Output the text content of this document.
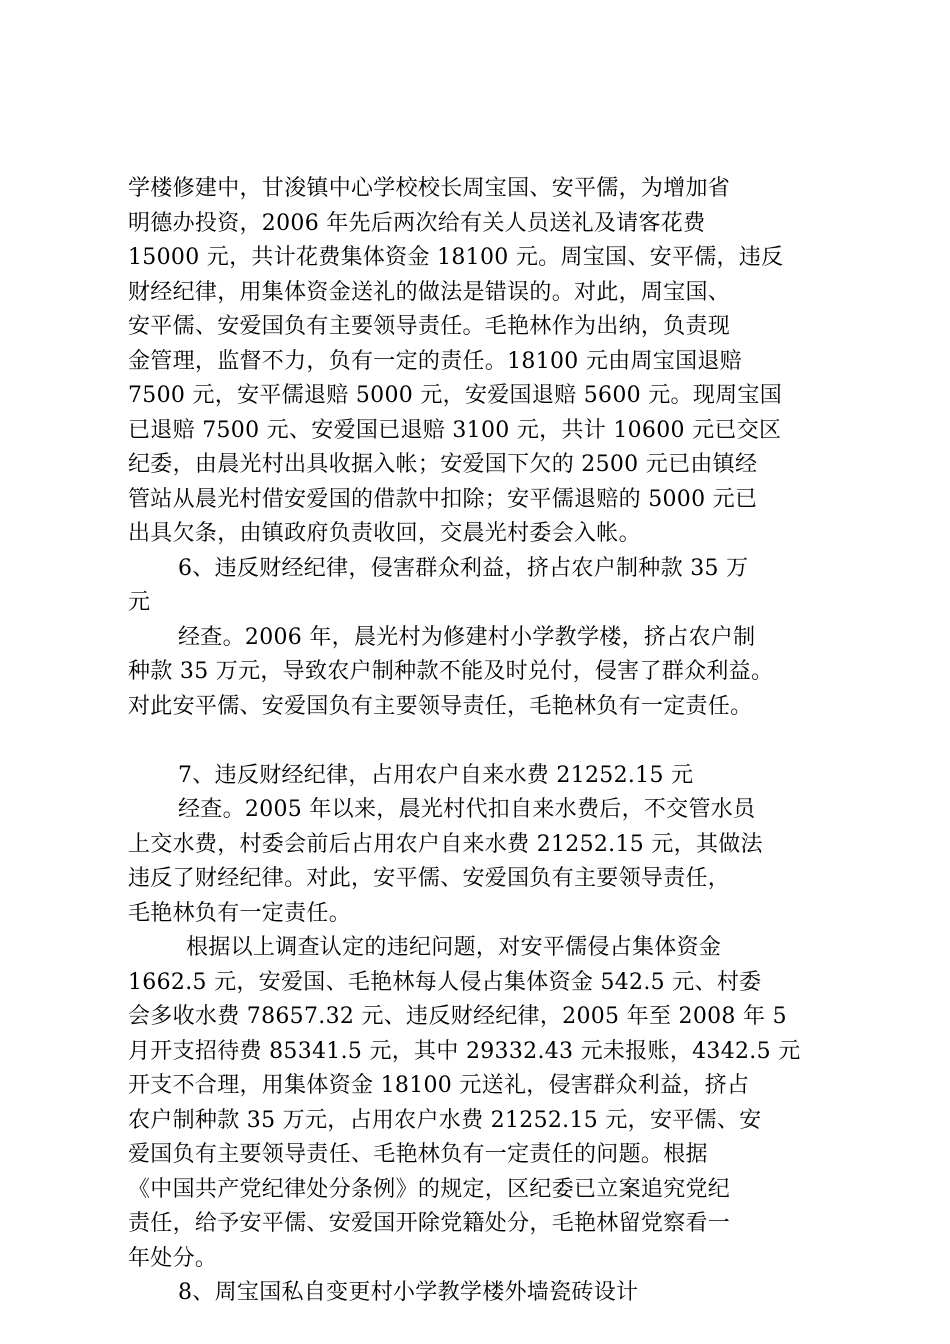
学楼修建中，甘浚镇中心学校校长周宝国、安平儒，为增加省
明德办投资，2006 年先后两次给有关人员送礼及请客花费
15000 元，共计花费集体资金 18100 元。周宝国、安平儒，违反
财经纪律，用集体资金送礼的做法是错误的。对此，周宝国、
安平儒、安爱国负有主要领导责任。毛艳林作为出纳，负责现
金管理，监督不力，负有一定的责任。18100 元由周宝国退赔
7500 元，安平儒退赔 5000 元，安爱国退赔 5600 元。现周宝国
已退赔 7500 元、安爱国已退赔 3100 元，共计 10600 元已交区
纪委，由晨光村出具收据入帐；安爱国下欠的 2500 元已由镇经
管站从晨光村借安爱国的借款中扣除；安平儒退赔的 5000 元已
出具欠条，由镇政府负责收回，交晨光村委会入帐。
6、违反财经纪律，侵害群众利益，挤占农户制种款 35 万
元
经查。2006 年，晨光村为修建村小学教学楼，挤占农户制
种款 35 万元，导致农户制种款不能及时兑付，侵害了群众利益。
对此安平儒、安爱国负有主要领导责任，毛艳林负有一定责任。
7、违反财经纪律，占用农户自来水费 21252.15 元
经查。2005 年以来，晨光村代扣自来水费后，不交管水员
上交水费，村委会前后占用农户自来水费 21252.15 元，其做法
违反了财经纪律。对此，安平儒、安爱国负有主要领导责任，
毛艳林负有一定责任。
根据以上调查认定的违纪问题，对安平儒侵占集体资金
1662.5 元，安爱国、毛艳林每人侵占集体资金 542.5 元、村委
会多收水费 78657.32 元、违反财经纪律，2005 年至 2008 年 5
月开支招待费 85341.5 元，其中 29332.43 元未报账，4342.5 元
开支不合理，用集体资金 18100 元送礼，侵害群众利益，挤占
农户制种款 35 万元，占用农户水费 21252.15 元，安平儒、安
爱国负有主要领导责任、毛艳林负有一定责任的问题。根据
《中国共产党纪律处分条例》的规定，区纪委已立案追究党纪
责任，给予安平儒、安爱国开除党籍处分，毛艳林留党察看一
年处分。
8、周宝国私自变更村小学教学楼外墙瓷砖设计
